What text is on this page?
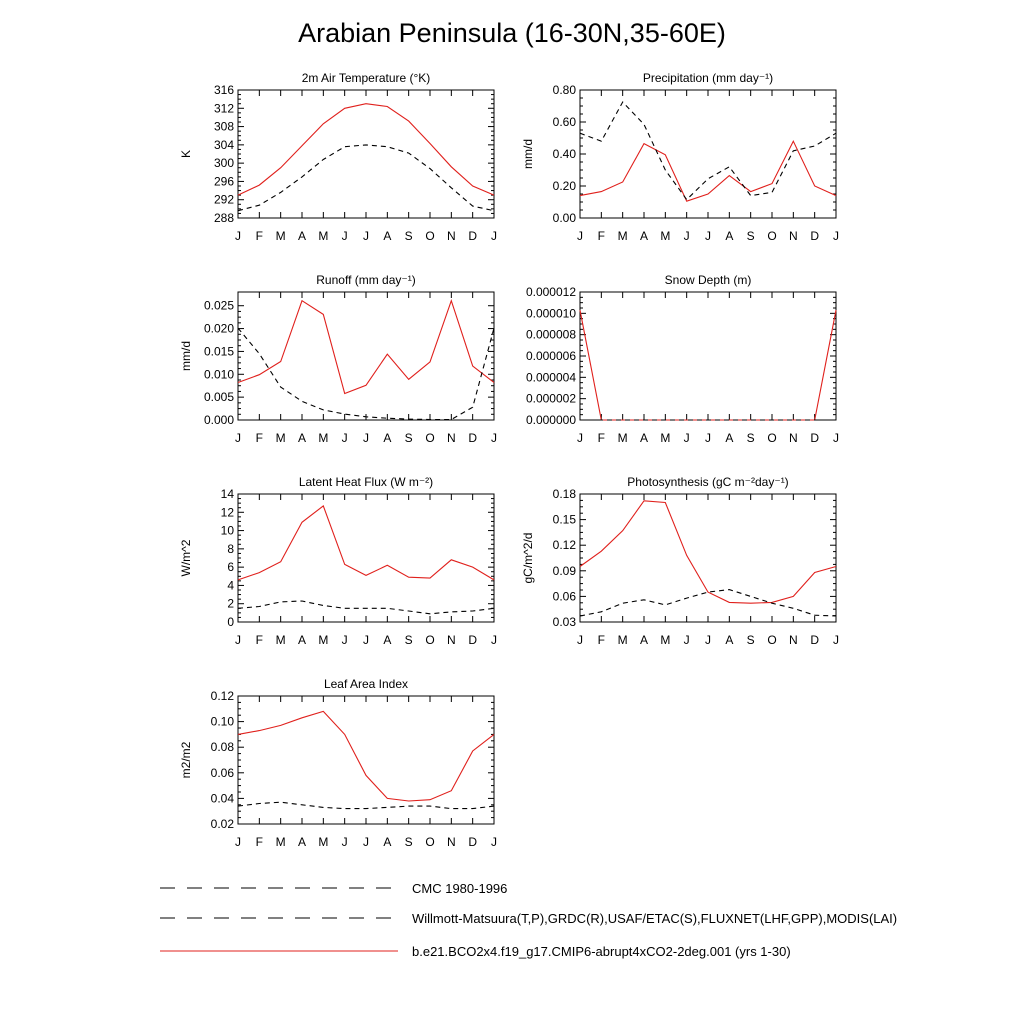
Arabian Peninsula (16-30N,35-60E)
2m Air Temperature (°K)
K
288
292
296
300
304
308
312
316
J F M A M J J A S O N D J
Precipitation (mm day⁻¹)
mm/d
0.00
0.20
0.40
0.60
0.80
J F M A M J J A S O N D J
Runoff (mm day⁻¹)
mm/d
0.000
0.005
0.010
0.015
0.020
0.025
J F M A M J J A S O N D J
Snow Depth (m)
0.000000
0.000002
0.000004
0.000006
0.000008
0.000010
0.000012
J F M A M J J A S O N D J
Latent Heat Flux (W m⁻²)
W/m^2
0
2
4
6
8
10
12
14
J F M A M J J A S O N D J
Photosynthesis (gC m⁻²day⁻¹)
gC/m^2/d
0.03
0.06
0.09
0.12
0.15
0.18
J F M A M J J A S O N D J
Leaf Area Index
m2/m2
0.02
0.04
0.06
0.08
0.10
0.12
J F M A M J J A S O N D J
CMC 1980-1996
Willmott-Matsuura(T,P),GRDC(R),USAF/ETAC(S),FLUXNET(LHF,GPP),MODIS(LAI)
b.e21.BCO2x4.f19_g17.CMIP6-abrupt4xCO2-2deg.001 (yrs 1-30)
